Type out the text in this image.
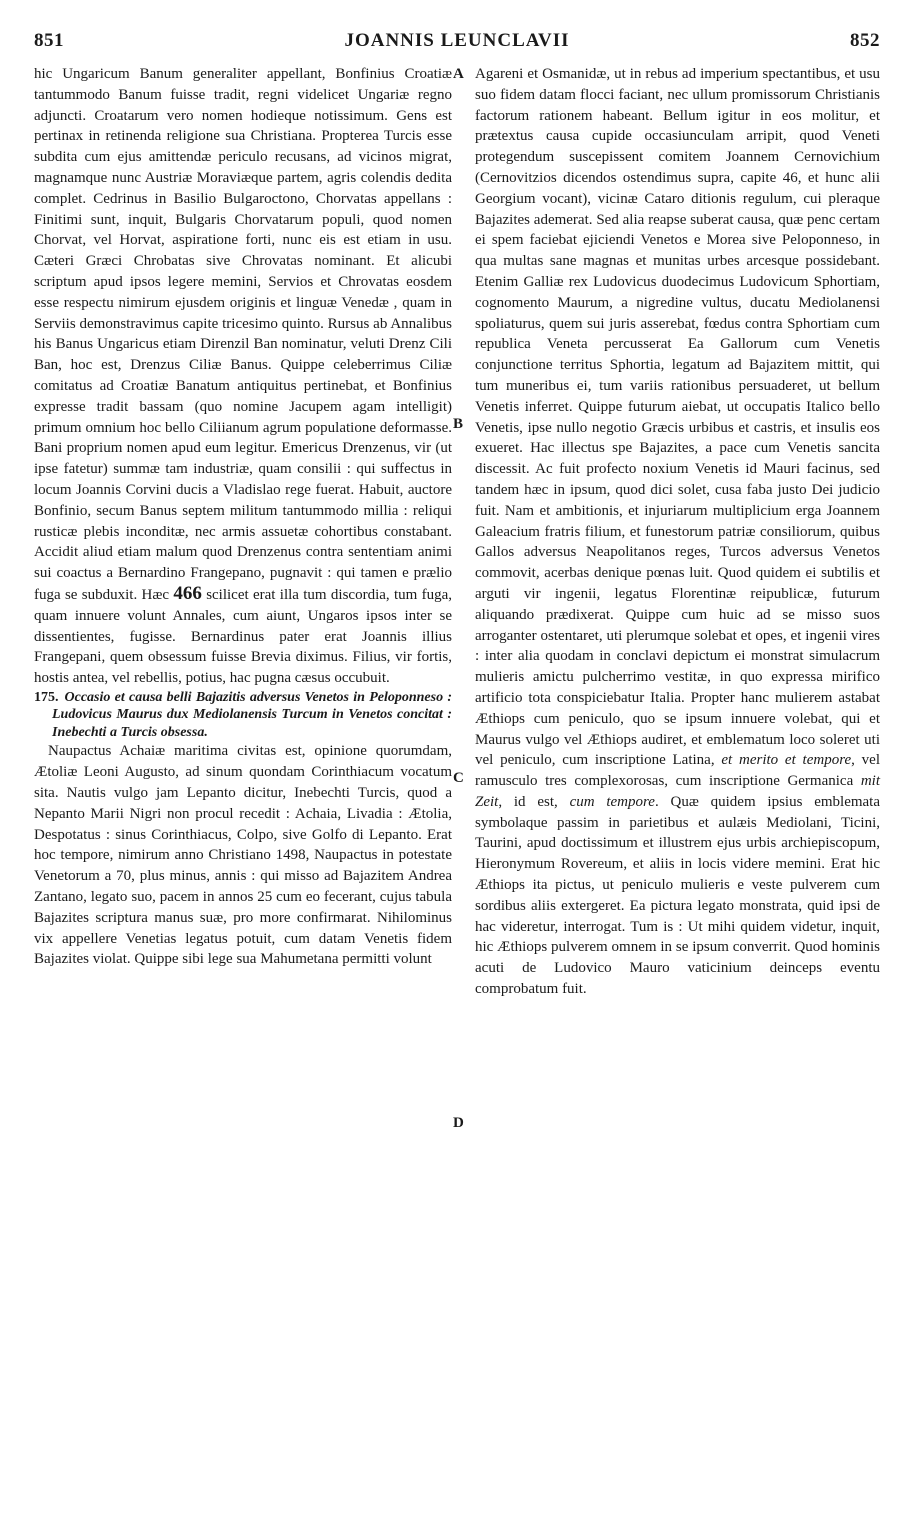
851	JOANNIS LEUNCLAVII	852
A
B
C
D

hic Ungaricum Banum generaliter appellant, Bonfinius Croatiæ tantummodo Banum fuisse tradit, regni videlicet Ungariæ regno adjuncti. Croatarum vero nomen hodieque notissimum. Gens est pertinax in retinenda religione sua Christiana. Propterea Turcis esse subdita cum ejus amittendæ periculo recusans, ad vicinos migrat, magnamque nunc Austriæ Moraviæque partem, agris colendis dedita complet. Cedrinus in Basilio Bulgaroctono, Chorvatas appellans : Finitimi sunt, inquit, Bulgaris Chorvatarum populi, quod nomen Chorvat, vel Horvat, aspiratione forti, nunc eis est etiam in usu. Cæteri Græci Chrobatas sive Chrovatas nominant. Et alicubi scriptum apud ipsos legere memini, Servios et Chrovatas eosdem esse respectu nimirum ejusdem originis et linguæ Venedæ , quam in Serviis demonstravimus capite tricesimo quinto. Rursus ab Annalibus his Banus Ungaricus etiam Direnzil Ban nominatur, veluti Drenz Cili Ban, hoc est, Drenzus Ciliæ Banus. Quippe celeberrimus Ciliæ comitatus ad Croatiæ Banatum antiquitus pertinebat, et Bonfinius expresse tradit bassam (quo nomine Jacupem agam intelligit) primum omnium hoc bello Ciliianum agrum populatione deformasse. Bani proprium nomen apud eum legitur. Emericus Drenzenus, vir (ut ipse fatetur) summæ tam industriæ, quam consilii : qui suffectus in locum Joannis Corvini ducis a Vladislao rege fuerat. Habuit, auctore Bonfinio, secum Banus septem militum tantummodo millia : reliqui rusticæ plebis inconditæ, nec armis assuetæ cohortibus constabant. Accidit aliud etiam malum quod Drenzenus contra sententiam animi sui coactus a Bernardino Frangepano, pugnavit : qui tamen e prælio fuga se subduxit. Hæc 466 scilicet erat illa tum discordia, tum fuga, quam innuere volunt Annales, cum aiunt, Ungaros ipsos inter se dissentientes, fugisse. Bernardinus pater erat Joannis illius Frangepani, quem obsessum fuisse Brevia diximus. Filius, vir fortis, hostis antea, vel rebellis, potius, hac pugna cæsus occubuit.

175. Occasio et causa belli Bajazitis adversus Venetos in Peloponneso : Ludovicus Maurus dux Mediolanensis Turcum in Venetos concitat : Inebechti a Turcis obsessa.

Naupactus Achaiæ maritima civitas est, opinione quorumdam, Ætoliæ Leoni Augusto, ad sinum quondam Corinthiacum vocatum sita. Nautis vulgo jam Lepanto dicitur, Inebechti Turcis, quod a Nepanto Marii Nigri non procul recedit : Achaia, Livadia : Ætolia, Despotatus : sinus Corinthiacus, Colpo, sive Golfo di Lepanto. Erat hoc tempore, nimirum anno Christiano 1498, Naupactus in potestate Venetorum a 70, plus minus, annis : qui misso ad Bajazitem Andrea Zantano, legato suo, pacem in annos 25 cum eo fecerant, cujus tabula Bajazites scriptura manus suæ, pro more confirmarat. Nihilominus vix appellere Venetias legatus potuit, cum datam Venetis fidem Bajazites violat. Quippe sibi lege sua Mahumetana permitti volunt

Agareni et Osmanidæ, ut in rebus ad imperium spectantibus, et usu suo fidem datam flocci faciant, nec ullum promissorum Christianis factorum rationem habeant. Bellum igitur in eos molitur, et prætextus causa cupide occasiunculam arripit, quod Veneti protegendum suscepissent comitem Joannem Cernovichium (Cernovitzios dicendos ostendimus supra, capite 46, et hunc alii Georgium vocant), vicinæ Cataro ditionis regulum, cui pleraque Bajazites ademerat. Sed alia reapse suberat causa, quæ penc certam ei spem faciebat ejiciendi Venetos e Morea sive Peloponneso, in qua multas sane magnas et munitas urbes arcesque possidebant. Etenim Galliæ rex Ludovicus duodecimus Ludovicum Sphortiam, cognomento Maurum, a nigredine vultus, ducatu Mediolanensi spoliaturus, quem sui juris asserebat, fœdus contra Sphortiam cum republica Veneta percusserat Ea Gallorum cum Venetis conjunctione territus Sphortia, legatum ad Bajazitem mittit, qui tum muneribus ei, tum variis rationibus persuaderet, ut bellum Venetis inferret. Quippe futurum aiebat, ut occupatis Italico bello Venetis, ipse nullo negotio Græcis urbibus et castris, et insulis eos exueret. Hac illectus spe Bajazites, a pace cum Venetis sancita discessit. Ac fuit profecto noxium Venetis id Mauri facinus, sed tandem hæc in ipsum, quod dici solet, cusa faba justo Dei judicio fuit. Nam et ambitionis, et injuriarum multiplicium erga Joannem Galeacium fratris filium, et funestorum patriæ consiliorum, quibus Gallos adversus Neapolitanos reges, Turcos adversus Venetos commovit, acerbas denique pœnas luit. Quod quidem ei subtilis et arguti vir ingenii, legatus Florentinæ reipublicæ, futurum aliquando prædixerat. Quippe cum huic ad se misso suos arroganter ostentaret, uti plerumque solebat et opes, et ingenii vires : inter alia quodam in conclavi depictum ei monstrat simulacrum mulieris amictu pulcherrimo vestitæ, in quo expressa mirifico artificio tota conspiciebatur Italia. Propter hanc mulierem astabat Æthiops cum peniculo, quo se ipsum innuere volebat, qui et Maurus vulgo vel Æthiops audiret, et emblematum loco soleret uti vel peniculo, cum inscriptione Latina, et merito et tempore, vel ramusculo tres complexorosas, cum inscriptione Germanica mit Zeit, id est, cum tempore. Quæ quidem ipsius emblemata symbolaque passim in parietibus et aulæis Mediolani, Ticini, Taurini, apud doctissimum et illustrem ejus urbis archiepiscopum, Hieronymum Rovereum, et aliis in locis videre memini. Erat hic Æthiops ita pictus, ut peniculo mulieris e veste pulverem cum sordibus aliis extergeret. Ea pictura legato monstrata, quid ipsi de hac videretur, interrogat. Tum is : Ut mihi quidem videtur, inquit, hic Æthiops pulverem omnem in se ipsum converrit. Quod hominis acuti de Ludovico Mauro vaticinium deinceps eventu comprobatum fuit.
